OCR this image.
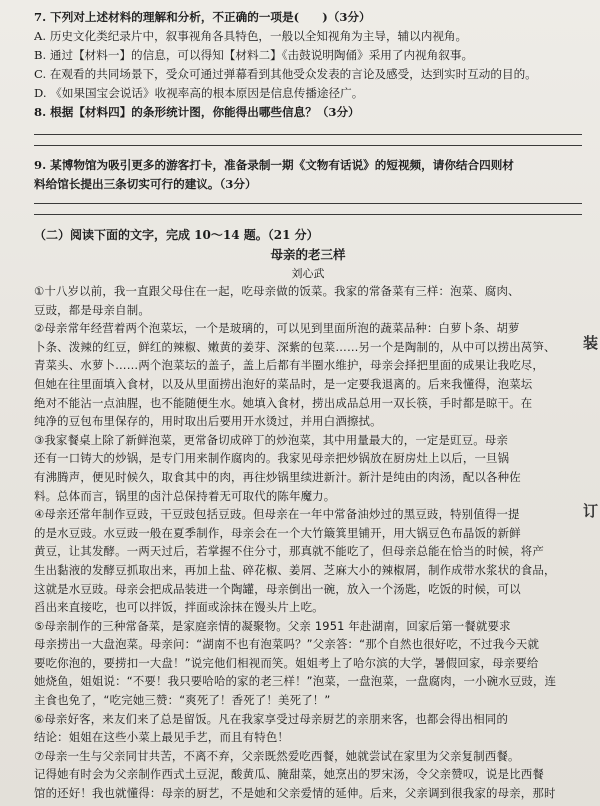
装
订
7. 下列对上述材料的理解和分析，不正确的一项是(　　)（3分）
A. 历史文化类纪录片中，叙事视角各具特色，一般以全知视角为主导，辅以内视角。
B. 通过【材料一】的信息，可以得知【材料二】《击鼓说明陶俑》采用了内视角叙事。
C. 在观看的共同场景下，受众可通过弹幕看到其他受众发表的言论及感受，达到实时互动的目的。
D. 《如果国宝会说话》收视率高的根本原因是信息传播途径广。
8. 根据【材料四】的条形统计图，你能得出哪些信息？（3分）
9. 某博物馆为吸引更多的游客打卡，准备录制一期《文物有话说》的短视频，请你结合四则材
料给馆长提出三条切实可行的建议。（3分）
（二）阅读下面的文字，完成 10～14 题。（21 分）
母亲的老三样
刘心武
①十八岁以前，我一直跟父母住在一起，吃母亲做的饭菜。我家的常备菜有三样：泡菜、腐肉、
豆豉，都是母亲自制。
②母亲常年经营着两个泡菜坛，一个是玻璃的，可以见到里面所泡的蔬菜品种：白萝卜条、胡萝
卜条、泼辣的红豆，鲜红的辣椒、嫩黄的姜芽、深紫的包菜……另一个是陶制的，从中可以捞出莴笋、
青菜头、水萝卜……两个泡菜坛的盖子，盖上后都有半圈水维护，母亲会择把里面的成果让我吃尽，
但她在往里面填入食材，以及从里面捞出泡好的菜品时，是一定要我退离的。后来我懂得，泡菜坛
绝对不能沾一点油腥，也不能随便生水。她填入食材，捞出成品总用一双长筷，手时都是晾干。在
纯净的豆包布里保存的，用时取出后要用开水烫过，并用白酒擦拭。
③我家餐桌上除了新鲜泡菜，更常备切成碎丁的炒泡菜，其中用量最大的，一定是豇豆。母亲
还有一口铸大的炒锅，是专门用来制作腐肉的。我家见母亲把炒锅放在厨房灶上以后，一旦锅
有沸腾声，便见时候久，取食其中的肉，再往炒锅里续进新汁。新汁是纯由的肉汤，配以各种佐
料。总体而言，锅里的卤汁总保持着无可取代的陈年魔力。
④母亲还常年制作豆豉，干豆豉包括豆豉。但母亲在一年中常备油炒过的黑豆豉，特别值得一提
的是水豆豉。水豆豉一般在夏季制作，母亲会在一个大竹簸箕里铺开，用大锅豆色布晶饭的新鲜
黄豆，让其发酵。一两天过后，若掌握不住分寸，那真就不能吃了，但母亲总能在恰当的时候，将产
生出黏液的发酵豆抓取出来，再加上盐、碎花椒、姜屑、芝麻大小的辣椒屑，制作成带水浆状的食品，
这就是水豆豉。母亲会把成品装进一个陶罐，母亲倒出一碗，放入一个汤匙，吃饭的时候，可以
舀出来直接吃，也可以拌饭，拌面或涂抹在馒头片上吃。
⑤母亲制作的三种常备菜，是家庭亲情的凝聚物。父亲 1951 年赴湖南，回家后第一餐就要求
母亲捞出一大盘泡菜。母亲问：“湖南不也有泡菜吗？”父亲答：“那个自然也很好吃，不过我今天就
要吃你泡的，要捞扣一大盘！”说完他们相视而笑。姐姐考上了哈尔滨的大学，暑假回家，母亲要给
她烧鱼，姐姐说：“不要！我只要哈哈的家的老三样！”泡菜，一盘泡菜，一盘腐肉，一小碗水豆豉，连
主食也免了，“吃完她三赞：“爽死了！香死了！美死了！”
⑥母亲好客，来友们来了总是留饭。凡在我家享受过母亲厨艺的亲朋来客，也都会得出相同的
结论：姐姐在这些小菜上最见手艺，而且有特色！
⑦母亲一生与父亲同甘共苦，不离不弃，父亲既然爱吃西餐，她就尝试在家里为父亲复制西餐。
记得她有时会为父亲制作西式土豆泥，酸黄瓜、腌甜菜，她烹出的罗宋汤，令父亲赞叹，说是比西餐
馆的还好！我也就懂得：母亲的厨艺，不是她和父亲爱情的延伸。后来，父亲调到很我家的母亲，那时
